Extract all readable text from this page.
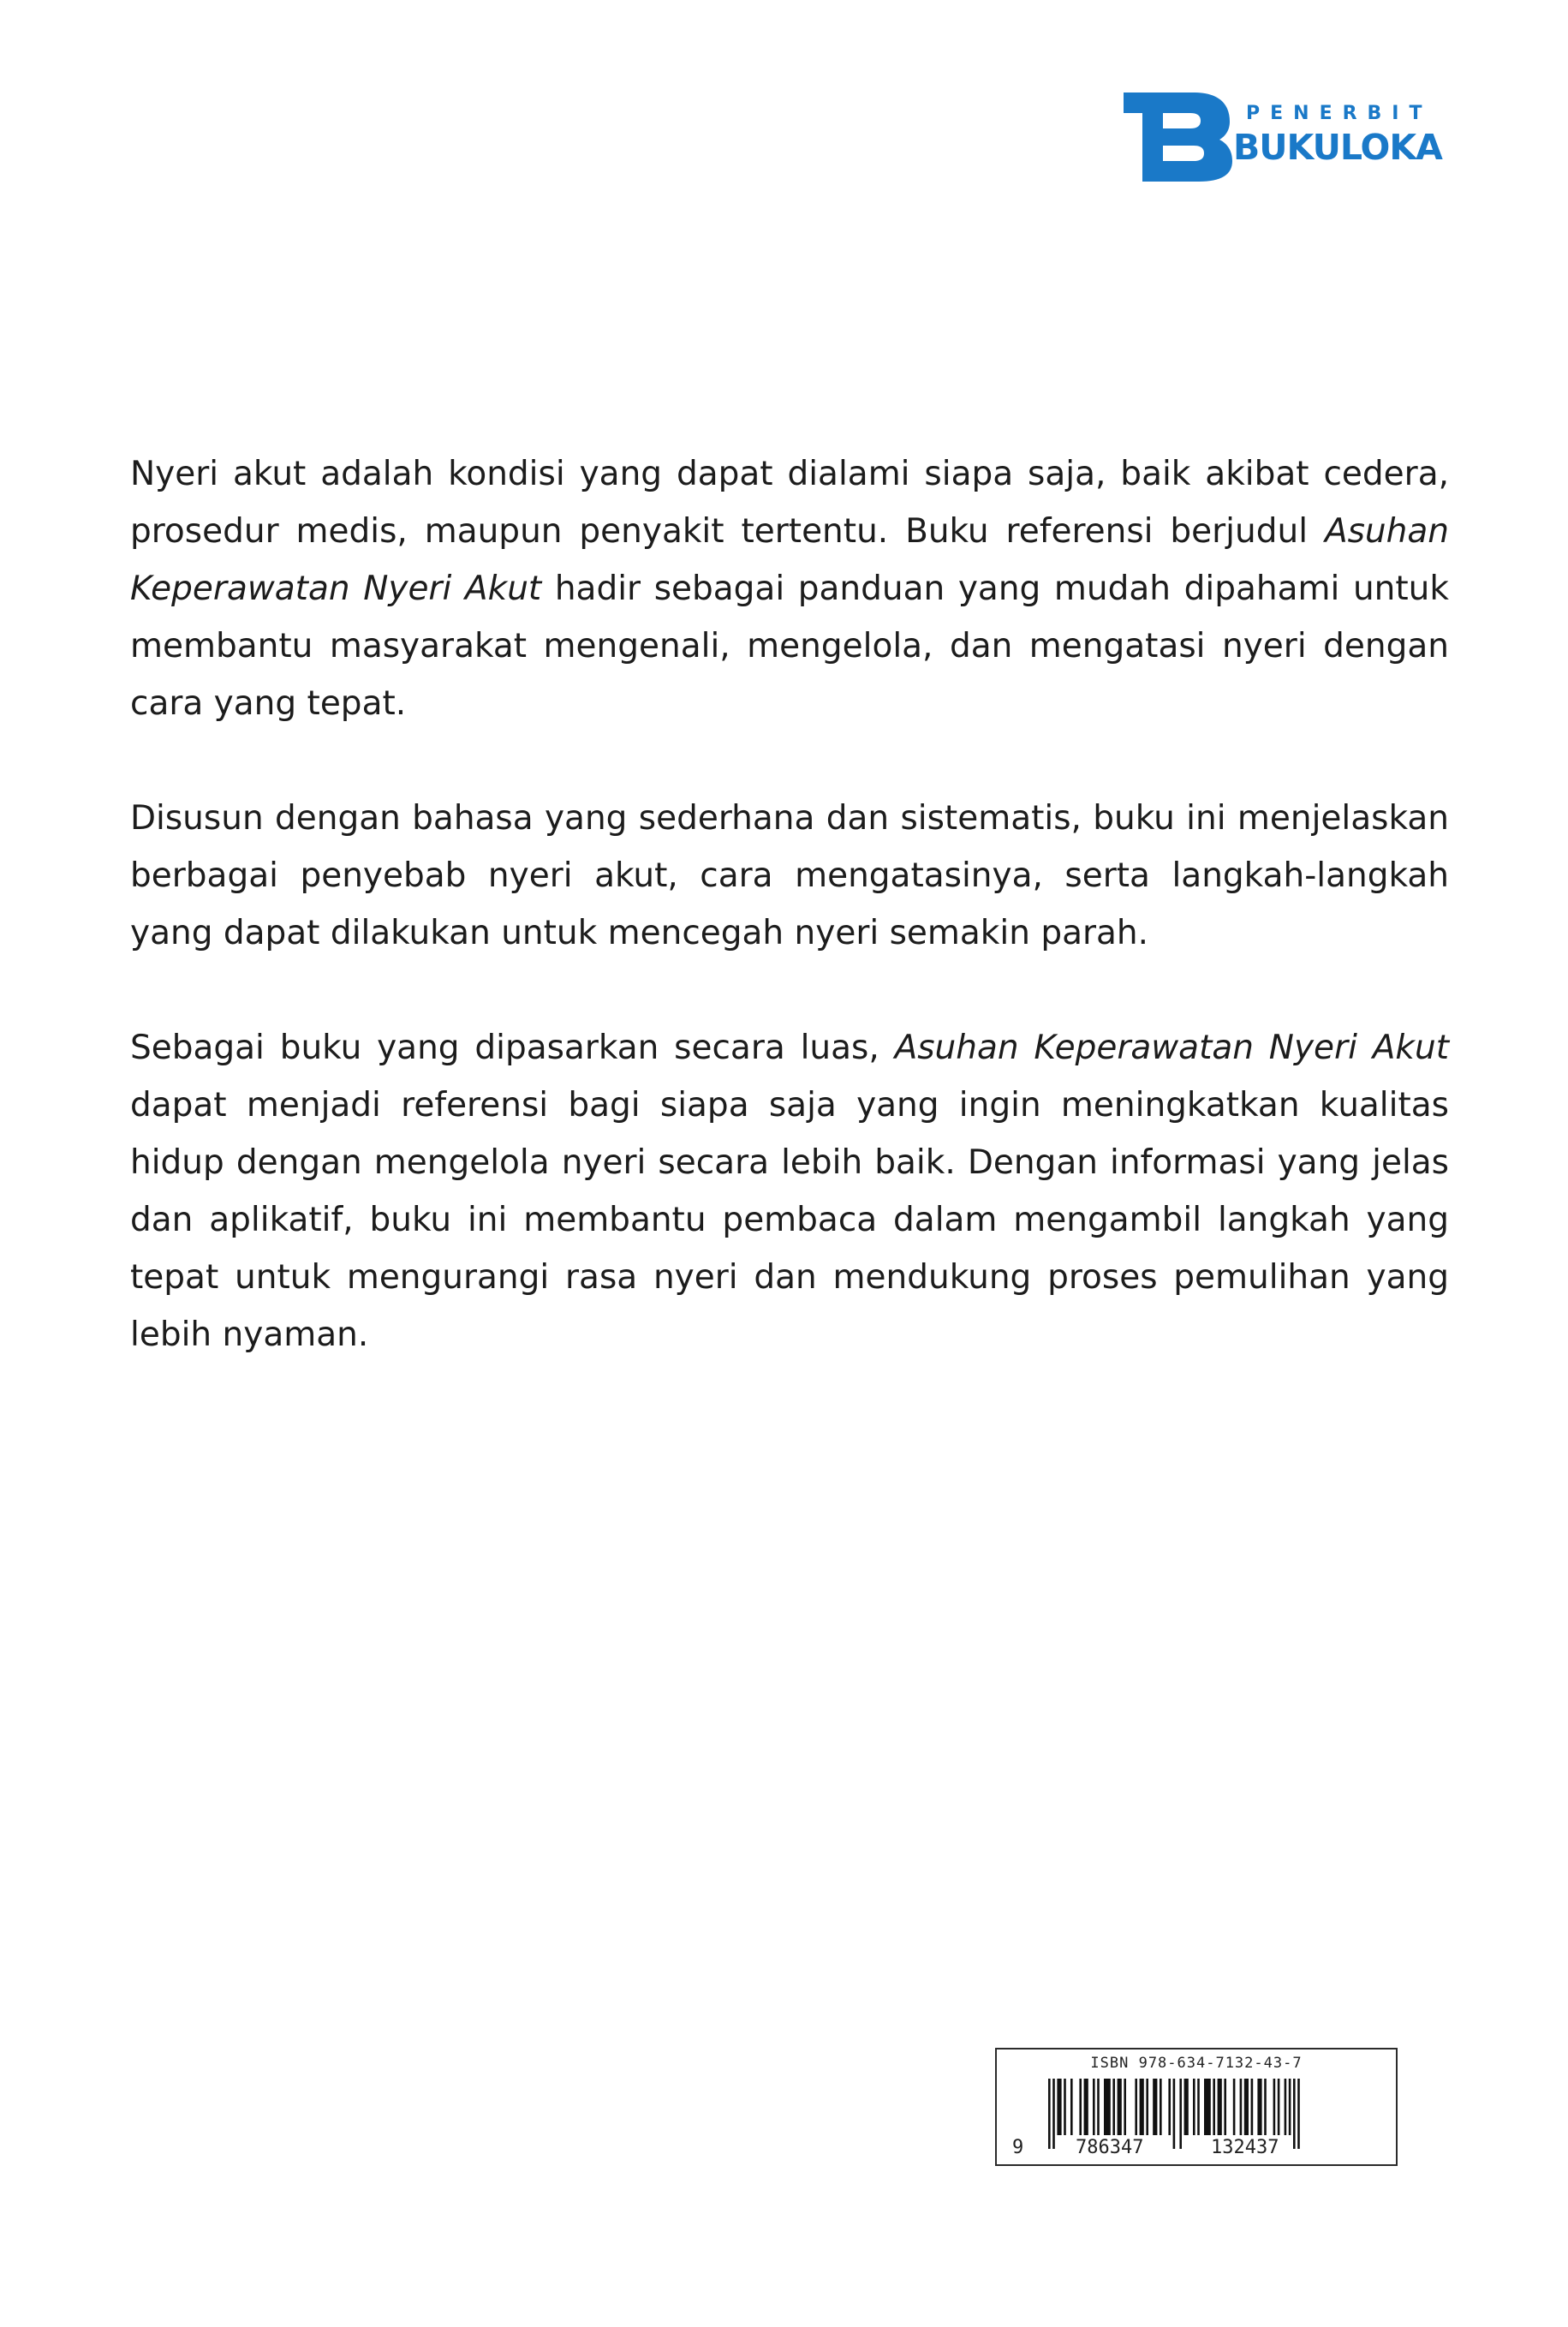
PENERBIT
BUKULOKA

Nyeri akut adalah kondisi yang dapat dialami siapa saja, baik akibat cedera, prosedur medis, maupun penyakit tertentu. Buku referensi berjudul Asuhan Keperawatan Nyeri Akut hadir sebagai panduan yang mudah dipahami untuk membantu masyarakat mengenali, mengelola, dan mengatasi nyeri dengan cara yang tepat.

Disusun dengan bahasa yang sederhana dan sistematis, buku ini menjelaskan berbagai penyebab nyeri akut, cara mengatasinya, serta langkah-langkah yang dapat dilakukan untuk mencegah nyeri semakin parah.

Sebagai buku yang dipasarkan secara luas, Asuhan Keperawatan Nyeri Akut dapat menjadi referensi bagi siapa saja yang ingin meningkatkan kualitas hidup dengan mengelola nyeri secara lebih baik. Dengan informasi yang jelas dan aplikatif, buku ini membantu pembaca dalam mengambil langkah yang tepat untuk mengurangi rasa nyeri dan mendukung proses pemulihan yang lebih nyaman.

ISBN 978-634-7132-43-7
9	786347	132437
